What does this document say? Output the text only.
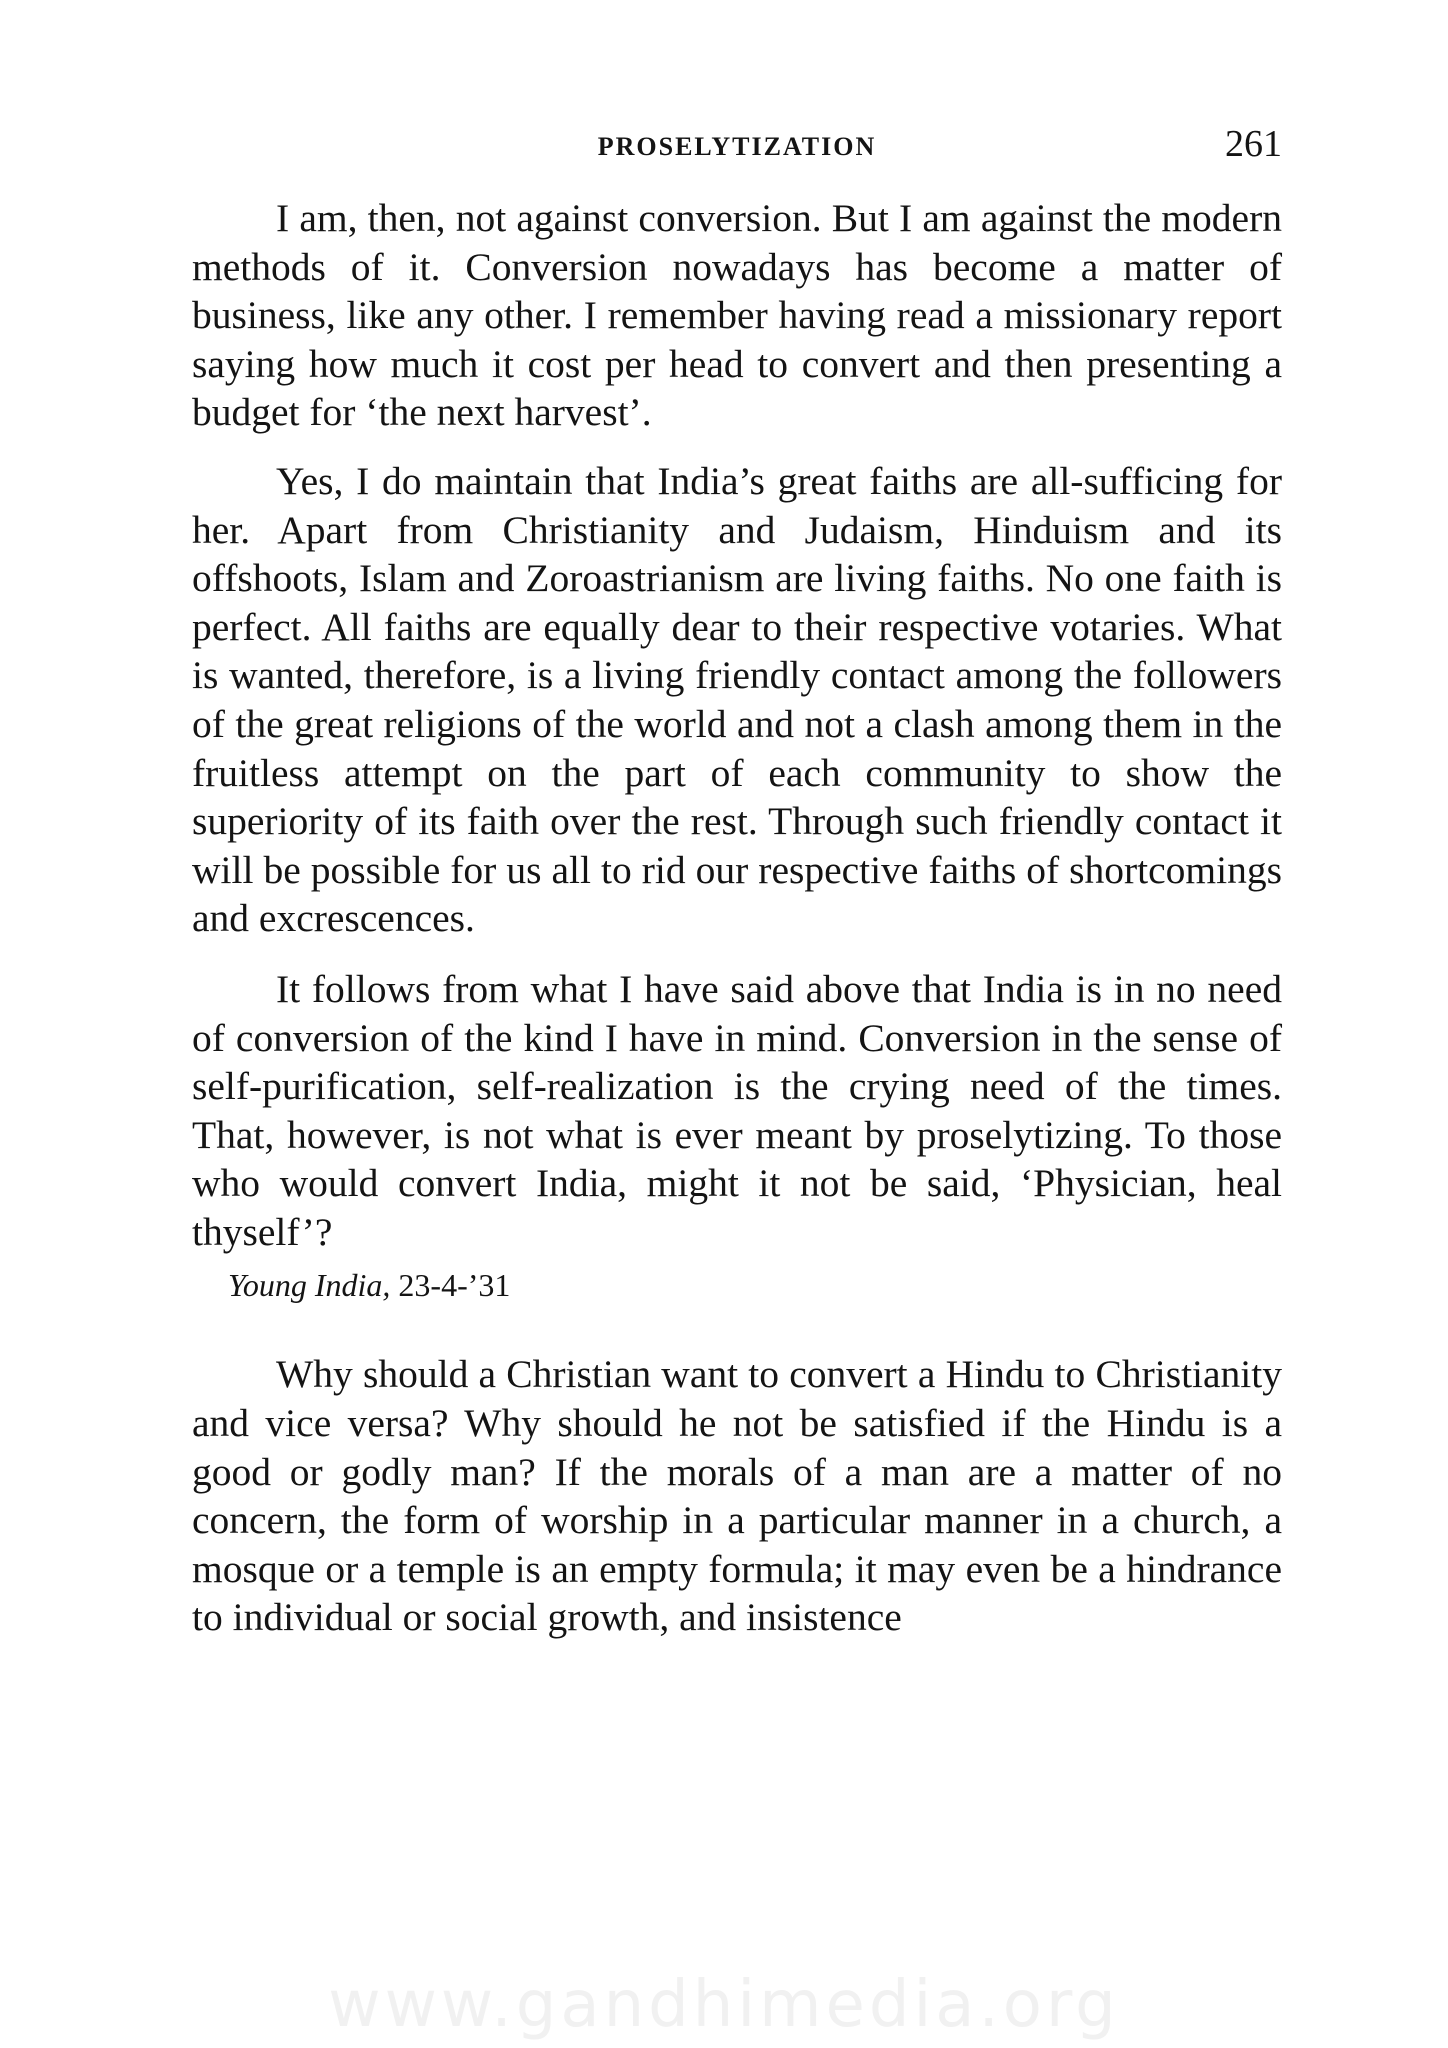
PROSELYTIZATION	261

I am, then, not against conversion. But I am against the modern methods of it. Conversion nowadays has become a matter of business, like any other. I remember having read a missionary report saying how much it cost per head to convert and then presenting a budget for ‘the next harvest’.

Yes, I do maintain that India’s great faiths are all-sufficing for her. Apart from Christianity and Judaism, Hinduism and its offshoots, Islam and Zoroastrianism are living faiths. No one faith is perfect. All faiths are equally dear to their respective votaries. What is wanted, therefore, is a living friendly contact among the followers of the great religions of the world and not a clash among them in the fruitless attempt on the part of each community to show the superiority of its faith over the rest. Through such friendly contact it will be possible for us all to rid our respective faiths of shortcomings and excrescences.

It follows from what I have said above that India is in no need of conversion of the kind I have in mind. Conversion in the sense of self-purification, self-realization is the crying need of the times. That, however, is not what is ever meant by proselytizing. To those who would convert India, might it not be said, ‘Physician, heal thyself’?

Young India, 23-4-’31

Why should a Christian want to convert a Hindu to Christianity and vice versa? Why should he not be satisfied if the Hindu is a good or godly man? If the morals of a man are a matter of no concern, the form of worship in a particular manner in a church, a mosque or a temple is an empty formula; it may even be a hindrance to individual or social growth, and insistence

www.gandhimedia.org
